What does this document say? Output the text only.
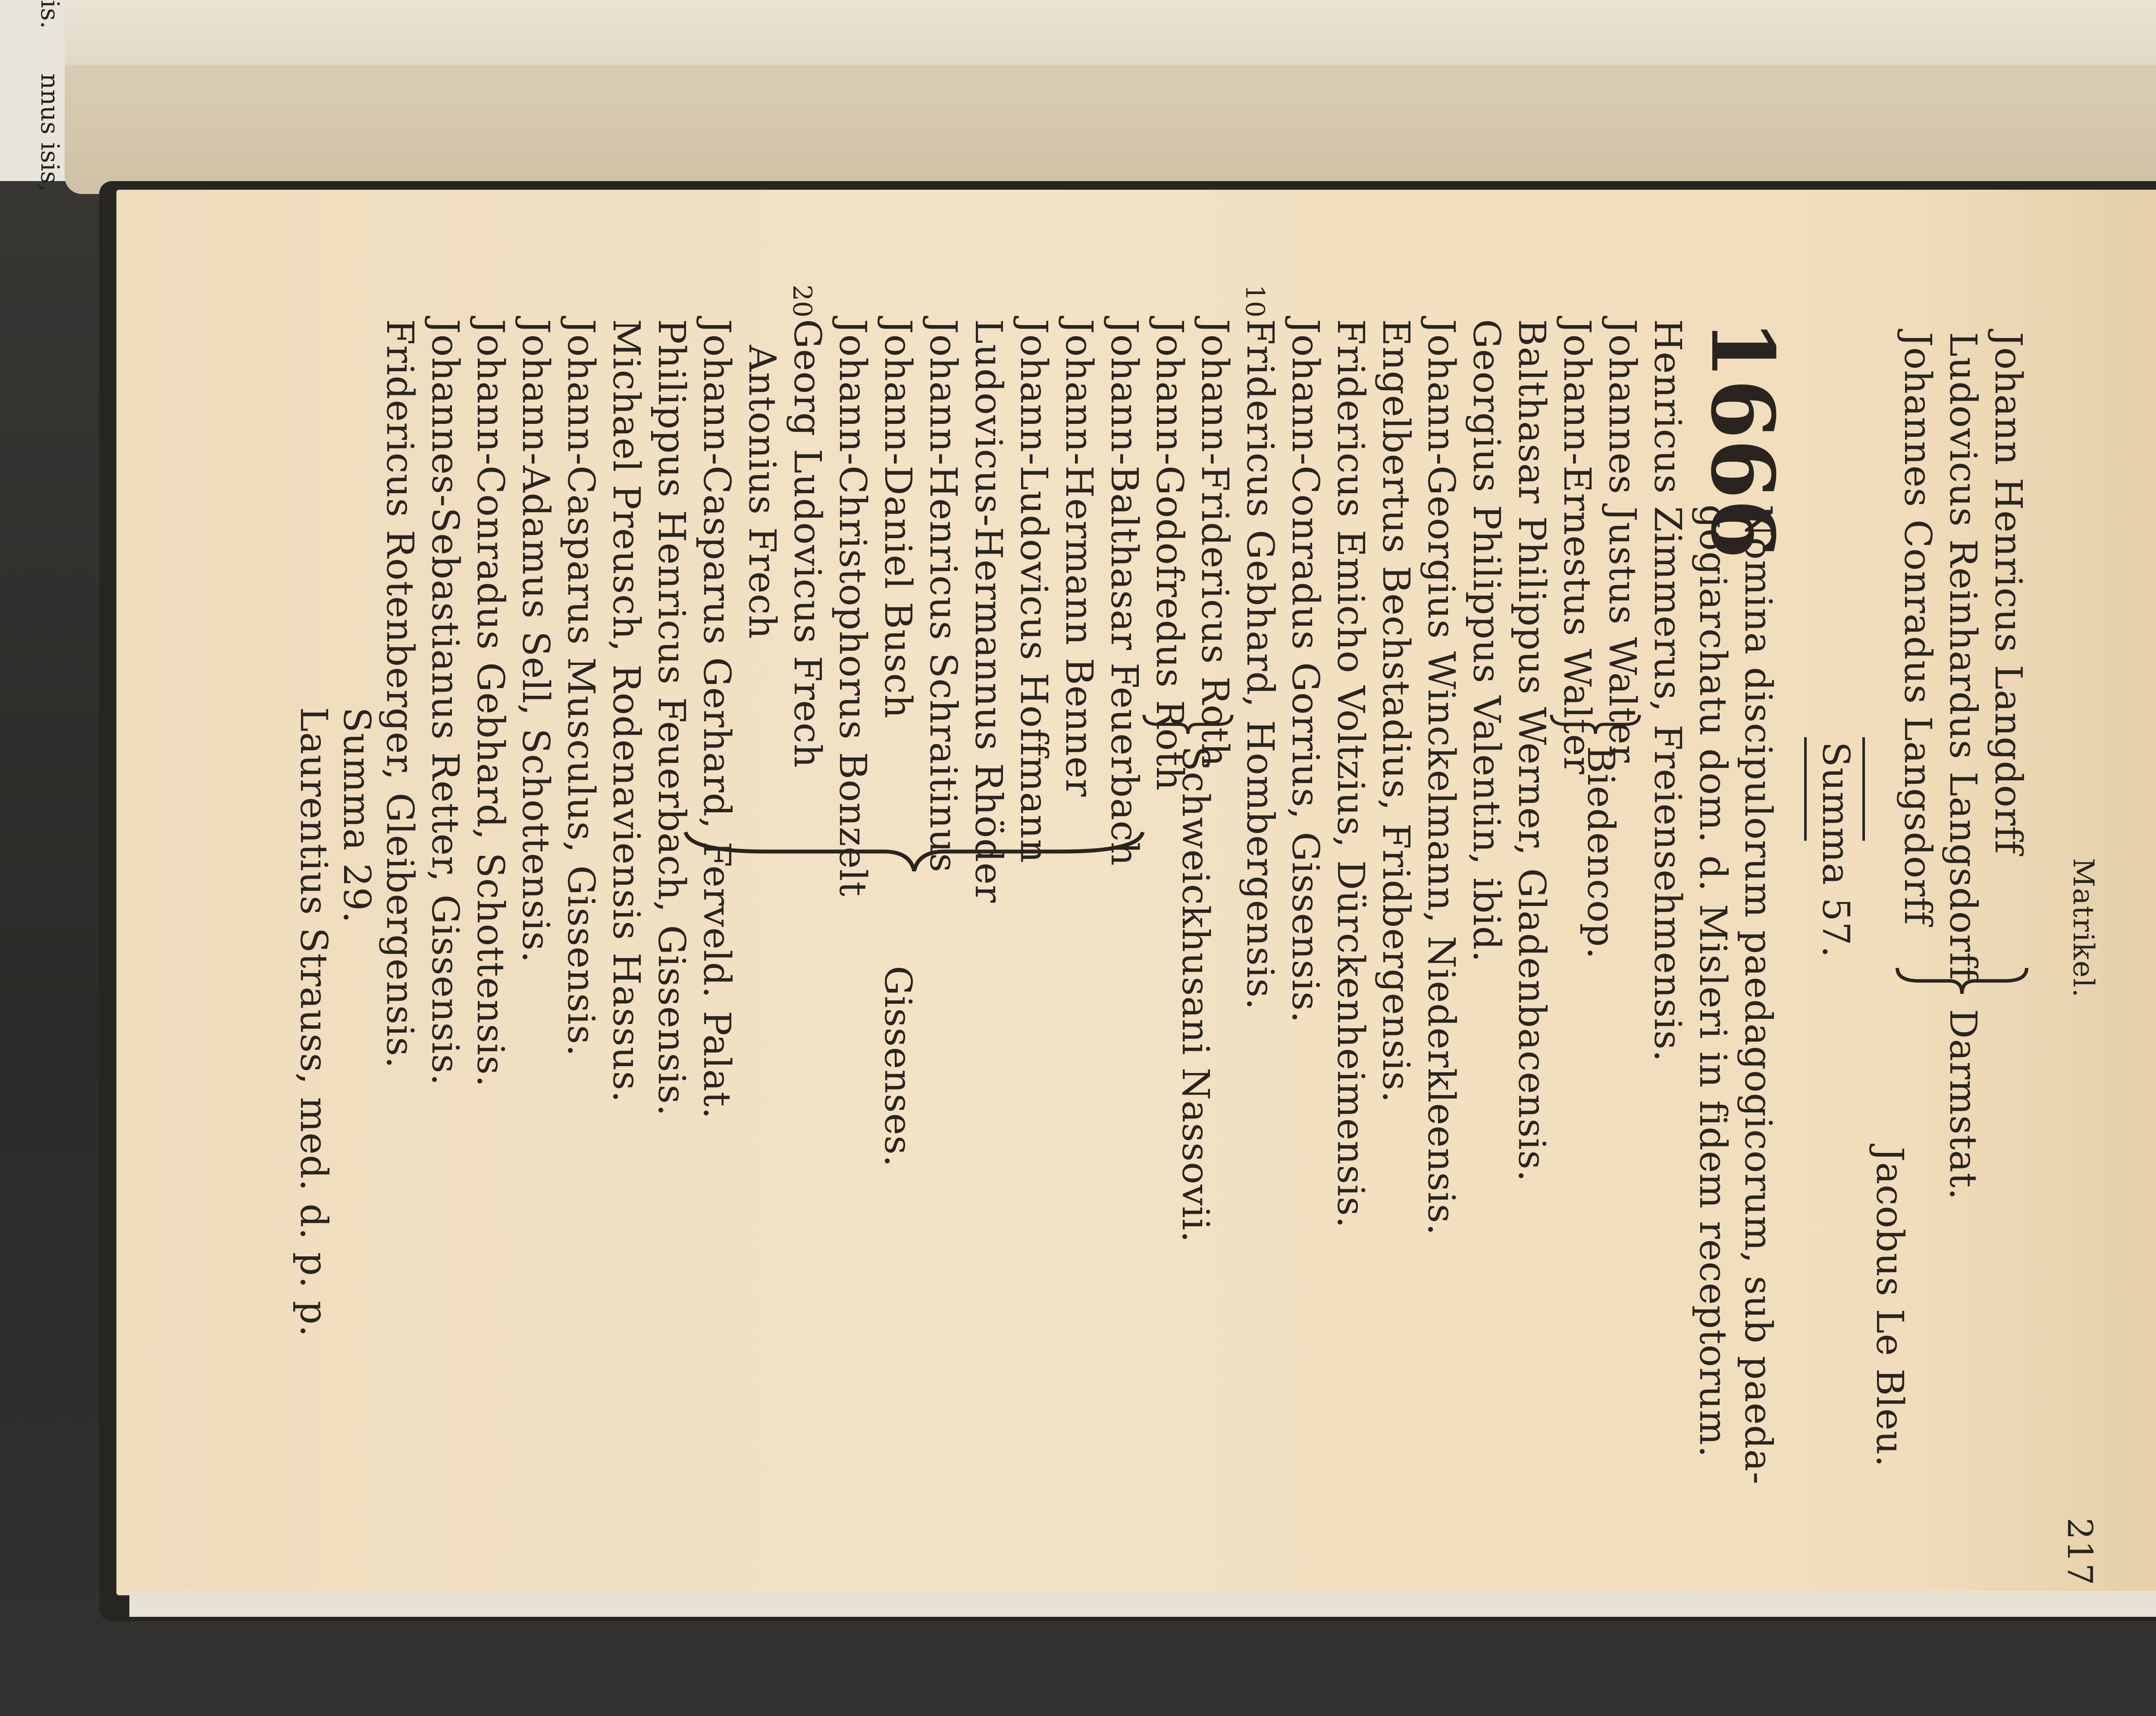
is.
nnus
isis,
Matrikel.
217
Johann Henricus Langdorff
Ludovicus Reinhardus Langsdorff
Johannes Conradus Langsdorff
Darmstat.
Jacobus Le Bleu.
Summa 57.
1666
Nomina discipulorum paedagogicorum, sub paeda-
gogiarchatu dom. d. Misleri in fidem receptorum.
Henricus Zimmerus, Freiensehmensis.
Johannes Justus Walter
Johann-Ernestus Walter
Biedencop.
Balthasar Philippus Werner, Gladenbacensis.
Georgius Philippus Valentin, ibid.
Johann-Georgius Winckelmann, Niederkleensis.
Engelbertus Bechstadius, Fridbergensis.
Fridericus Emicho Voltzius, Dürckenheimensis.
Johann-Conradus Gorrius, Gissensis.
10
Fridericus Gebhard, Hombergensis.
Johann-Fridericus Roth
Johann-Godofredus Roth
Schweickhusani Nassovii.
Johann-Balthasar Feuerbach
Johann-Hermann Benner
Johann-Ludovicus Hoffmann
Ludovicus-Hermannus Rhöder
Johann-Henricus Schraitinus
Johann-Daniel Busch
Johann-Christophorus Bonzelt
Gissenses.
20
Georg Ludovicus Frech
Antonius Frech
Johann-Casparus Gerhard, Ferveld. Palat.
Philippus Henricus Feuerbach, Gissensis.
Michael Preusch, Rodenaviensis Hassus.
Johann-Casparus Musculus, Gissensis.
Johann-Adamus Sell, Schottensis.
Johann-Conradus Gebhard, Schottensis.
Johannes-Sebastianus Retter, Gissensis.
Fridericus Rotenberger, Gleibergensis.
Summa 29.
Laurentius Strauss, med. d. p. p.
